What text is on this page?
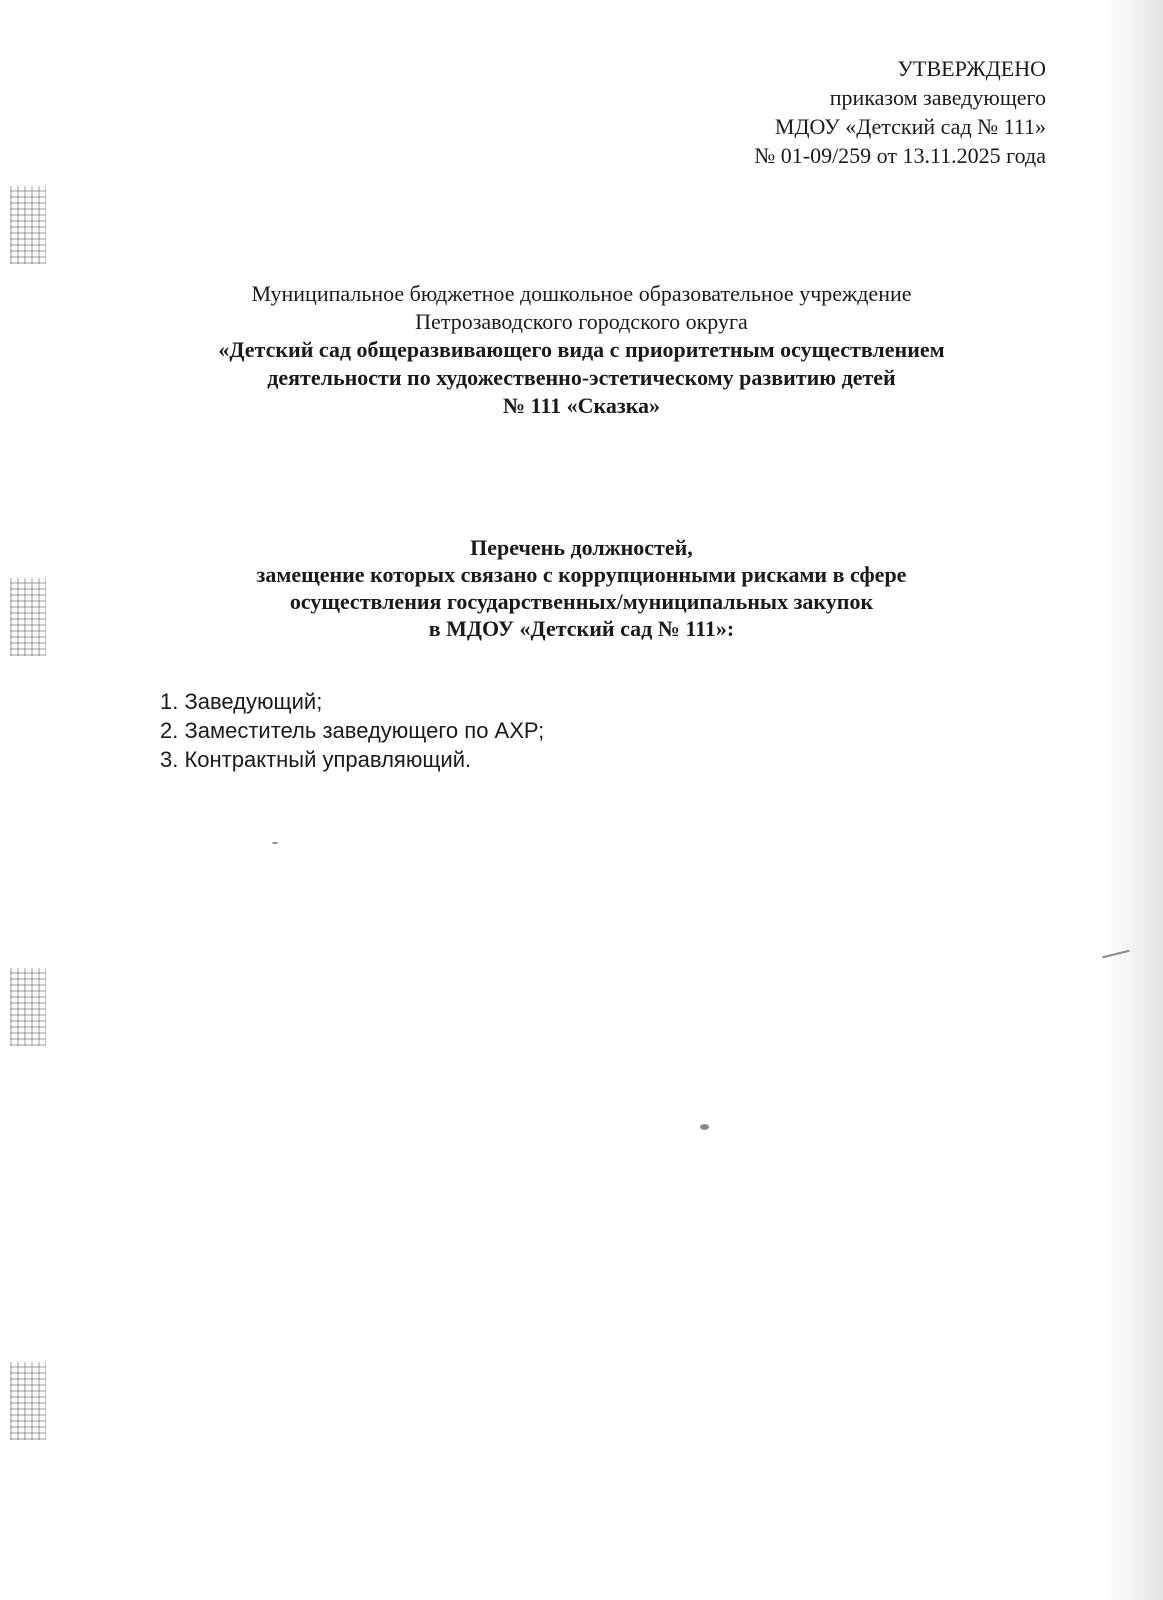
УТВЕРЖДЕНО
приказом заведующего
МДОУ «Детский сад № 111»
№ 01-09/259 от 13.11.2025 года
Муниципальное бюджетное дошкольное образовательное учреждение
Петрозаводского городского округа
«Детский сад общеразвивающего вида с приоритетным осуществлением
деятельности по художественно-эстетическому развитию детей
№ 111 «Сказка»
Перечень должностей,
замещение которых связано с коррупционными рисками в сфере
осуществления государственных/муниципальных закупок
в МДОУ «Детский сад № 111»:
1. Заведующий;
2. Заместитель заведующего по АХР;
3. Контрактный управляющий.
